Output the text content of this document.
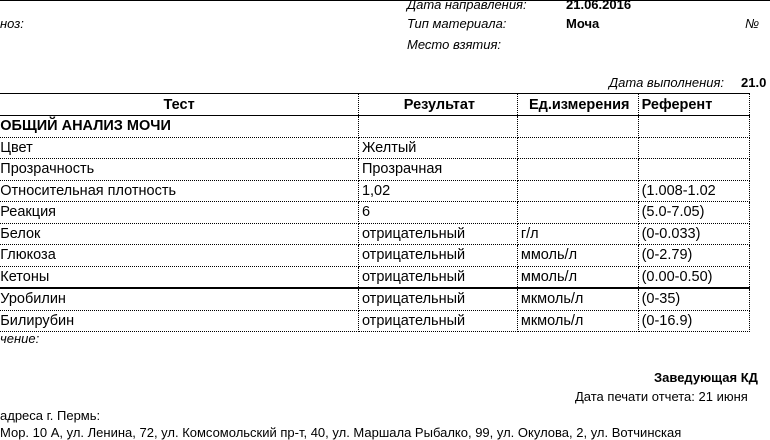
ноз:
Дата направления:	21.06.2016
Тип материала:	Моча	№
Место взятия:
Дата выполнения: 21.0
	Тест	Результат	Ед.измерения	Референт
	ОБЩИЙ АНАЛИЗ МОЧИ			
	Цвет	Желтый		
	Прозрачность	Прозрачная		
	Относительная плотность	1,02		(1.008-1.02
	Реакция	6		(5.0-7.05)
	Белок	отрицательный	г/л	(0-0.033)
	Глюкоза	отрицательный	ммоль/л	(0-2.79)
	Кетоны	отрицательный	ммоль/л	(0.00-0.50)
	Уробилин	отрицательный	мкмоль/л	(0-35)
	Билирубин	отрицательный	мкмоль/л	(0-16.9)
чение:
Заведующая КД
Дата печати отчета: 21 июня
адреса г. Пермь:
Мор. 10 А, ул. Ленина, 72, ул. Комсомольский пр-т, 40, ул. Маршала Рыбалко, 99, ул. Окулова, 2, ул. Вотчинская
